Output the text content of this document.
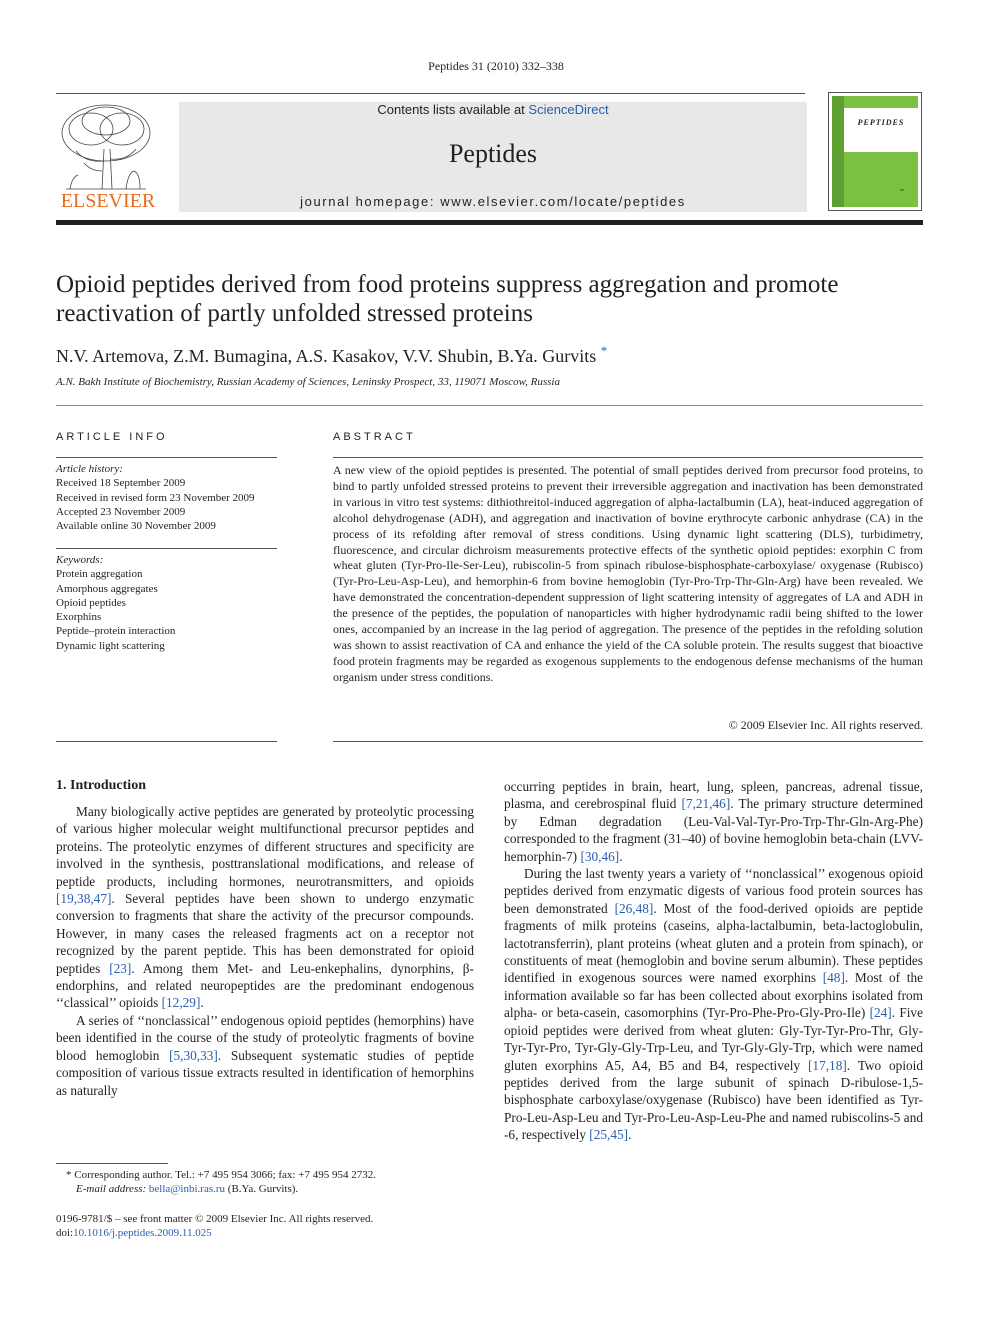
Peptides 31 (2010) 332–338
ELSEVIER
Contents lists available at ScienceDirect
Peptides
journal homepage: www.elsevier.com/locate/peptides
PEPTIDES
▪▪▪
Opioid peptides derived from food proteins suppress aggregation and promote reactivation of partly unfolded stressed proteins
N.V. Artemova, Z.M. Bumagina, A.S. Kasakov, V.V. Shubin, B.Ya. Gurvits *
A.N. Bakh Institute of Biochemistry, Russian Academy of Sciences, Leninsky Prospect, 33, 119071 Moscow, Russia
ARTICLE INFO	ABSTRACT
Article history:
Received 18 September 2009
Received in revised form 23 November 2009
Accepted 23 November 2009
Available online 30 November 2009
Keywords:
Protein aggregation
Amorphous aggregates
Opioid peptides
Exorphins
Peptide–protein interaction
Dynamic light scattering
A new view of the opioid peptides is presented. The potential of small peptides derived from precursor food proteins, to bind to partly unfolded stressed proteins to prevent their irreversible aggregation and inactivation has been demonstrated in various in vitro test systems: dithiothreitol-induced aggregation of alpha-lactalbumin (LA), heat-induced aggregation of alcohol dehydrogenase (ADH), and aggregation and inactivation of bovine erythrocyte carbonic anhydrase (CA) in the process of its refolding after removal of stress conditions. Using dynamic light scattering (DLS), turbidimetry, fluorescence, and circular dichroism measurements protective effects of the synthetic opioid peptides: exorphin C from wheat gluten (Tyr-Pro-Ile-Ser-Leu), rubiscolin-5 from spinach ribulose-bisphosphate-carboxylase/ oxygenase (Rubisco) (Tyr-Pro-Leu-Asp-Leu), and hemorphin-6 from bovine hemoglobin (Tyr-Pro-Trp-Thr-Gln-Arg) have been revealed. We have demonstrated the concentration-dependent suppression of light scattering intensity of aggregates of LA and ADH in the presence of the peptides, the population of nanoparticles with higher hydrodynamic radii being shifted to the lower ones, accompanied by an increase in the lag period of aggregation. The presence of the peptides in the refolding solution was shown to assist reactivation of CA and enhance the yield of the CA soluble protein. The results suggest that bioactive food protein fragments may be regarded as exogenous supplements to the endogenous defense mechanisms of the human organism under stress conditions.
© 2009 Elsevier Inc. All rights reserved.
1. Introduction

Many biologically active peptides are generated by proteolytic processing of various higher molecular weight multifunctional precursor peptides and proteins. The proteolytic enzymes of different structures and specificity are involved in the synthesis, posttranslational modifications, and release of peptide products, including hormones, neurotransmitters, and opioids [19,38,47]. Several peptides have been shown to undergo enzymatic conversion to fragments that share the activity of the precursor compounds. However, in many cases the released fragments act on a receptor not recognized by the parent peptide. This has been demonstrated for opioid peptides [23]. Among them Met- and Leu-enkephalins, dynorphins, β-endorphins, and related neuropeptides are the predominant endogenous ‘‘classical’’ opioids [12,29].

A series of ‘‘nonclassical’’ endogenous opioid peptides (hemorphins) have been identified in the course of the study of proteolytic fragments of bovine blood hemoglobin [5,30,33]. Subsequent systematic studies of peptide composition of various tissue extracts resulted in identification of hemorphins as naturally

occurring peptides in brain, heart, lung, spleen, pancreas, adrenal tissue, plasma, and cerebrospinal fluid [7,21,46]. The primary structure determined by Edman degradation (Leu-Val-Val-Tyr-Pro-Trp-Thr-Gln-Arg-Phe) corresponded to the fragment (31–40) of bovine hemoglobin beta-chain (LVV-hemorphin-7) [30,46].

During the last twenty years a variety of ‘‘nonclassical’’ exogenous opioid peptides derived from enzymatic digests of various food protein sources has been demonstrated [26,48]. Most of the food-derived opioids are peptide fragments of milk proteins (caseins, alpha-lactalbumin, beta-lactoglobulin, lactotransferrin), plant proteins (wheat gluten and a protein from spinach), or constituents of meat (hemoglobin and bovine serum albumin). These peptides identified in exogenous sources were named exorphins [48]. Most of the information available so far has been collected about exorphins isolated from alpha- or beta-casein, casomorphins (Tyr-Pro-Phe-Pro-Gly-Pro-Ile) [24]. Five opioid peptides were derived from wheat gluten: Gly-Tyr-Tyr-Pro-Thr, Gly-Tyr-Tyr-Pro, Tyr-Gly-Gly-Trp-Leu, and Tyr-Gly-Gly-Trp, which were named gluten exorphins A5, A4, B5 and B4, respectively [17,18]. Two opioid peptides derived from the large subunit of spinach D-ribulose-1,5-bisphosphate carboxylase/oxygenase (Rubisco) have been identified as Tyr-Pro-Leu-Asp-Leu and Tyr-Pro-Leu-Asp-Leu-Phe and named rubiscolins-5 and -6, respectively [25,45].

* Corresponding author. Tel.: +7 495 954 3066; fax: +7 495 954 2732.
E-mail address: bella@inbi.ras.ru (B.Ya. Gurvits).
0196-9781/$ – see front matter © 2009 Elsevier Inc. All rights reserved.
doi:10.1016/j.peptides.2009.11.025
